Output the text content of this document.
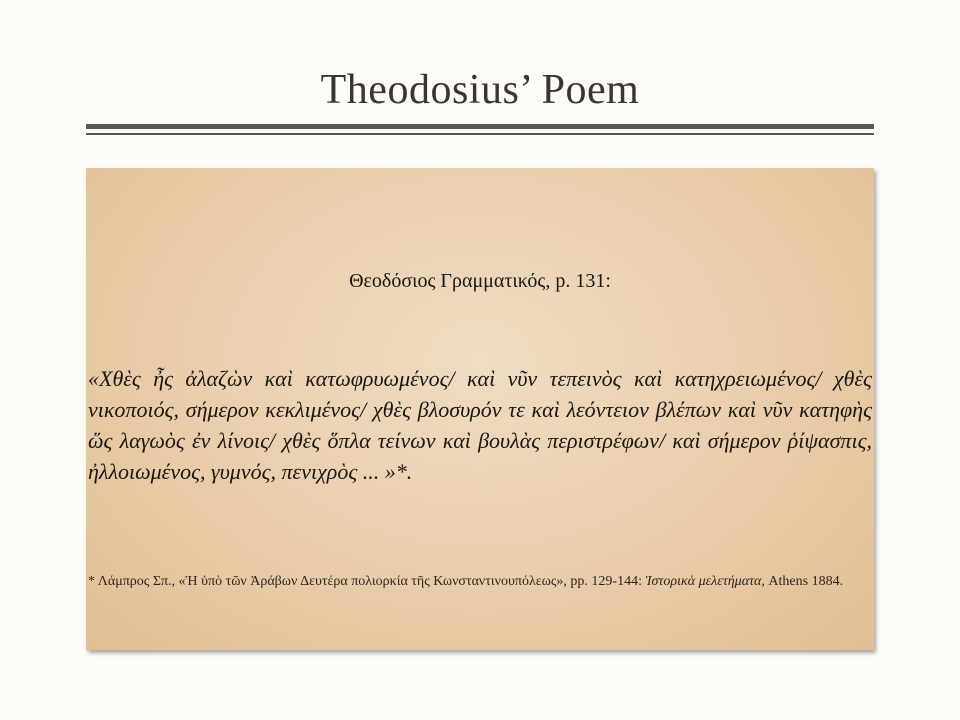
Theodosius’ Poem

Θεοδόσιος Γραμματικός, p. 131:

«Χθὲς ἦς ἀλαζὼν καὶ κατωφρυωμένος/ καὶ νῦν τεπεινὸς καὶ κατηχρειωμένος/ χθὲς νικοποιός, σήμερον κεκλιμένος/ χθὲς βλοσυρόν τε καὶ λεόντειον βλέπων καὶ νῦν κατηφὴς ὥς λαγωὸς ἐν λίνοις/ χθὲς ὅπλα τείνων καὶ βουλὰς περιστρέφων/ καὶ σήμερον ῥίψασπις, ἠλλοιωμένος, γυμνός, πενιχρὸς ... »*.

* Λάμπρος Σπ., «Ἡ ὑπὸ τῶν Ἀράβων Δευτέρα πολιορκία τῆς Κωνσταντινουπόλεως», pp. 129-144: Ἱστορικὰ μελετήματα, Athens 1884.
